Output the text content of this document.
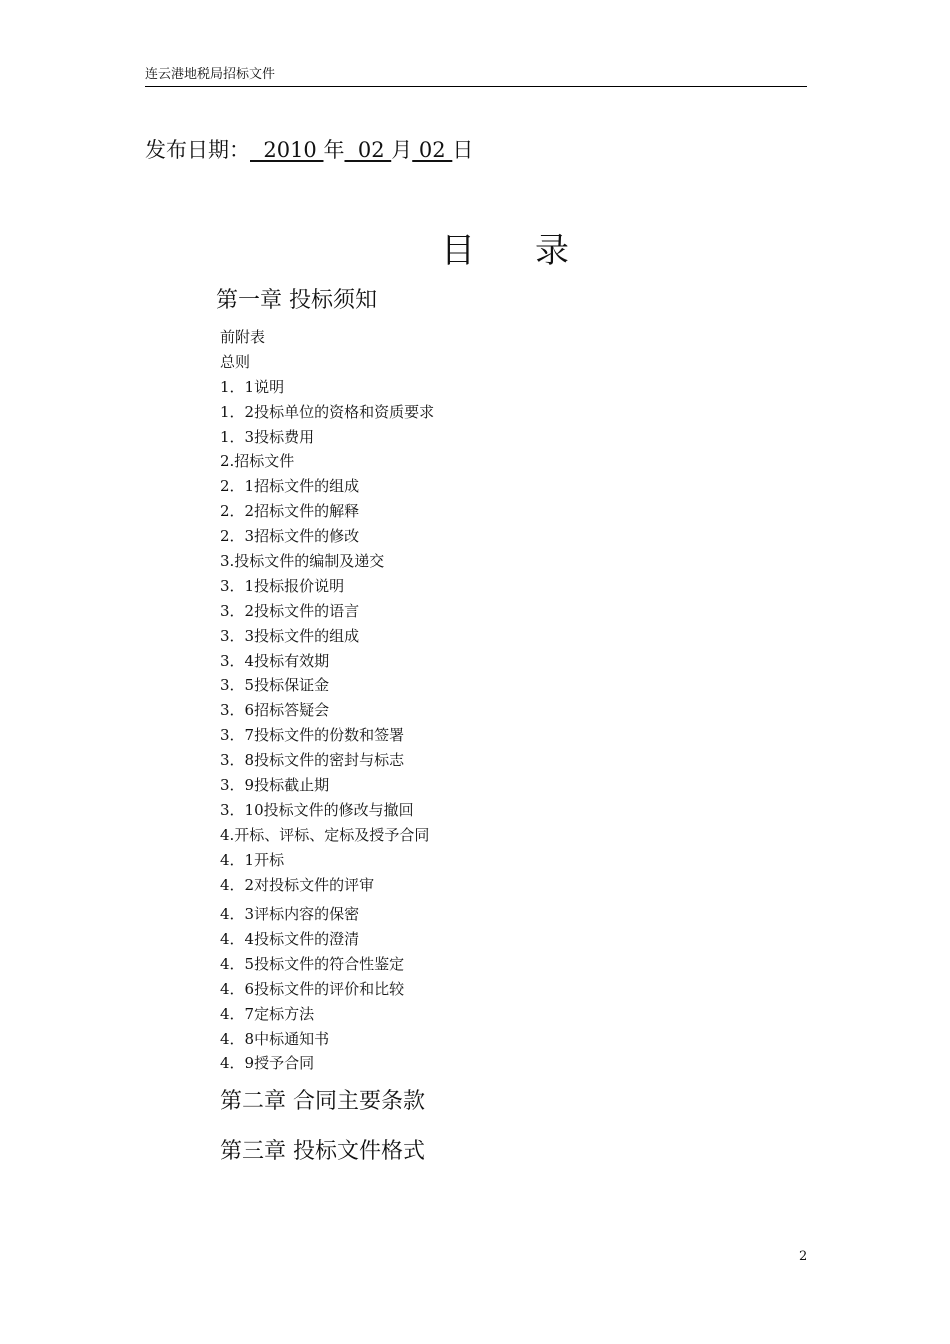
连云港地税局招标文件
发布日期：  2010 年  02 月 02 日
目 录
第一章 投标须知
前附表
总则
1．1说明
1．2投标单位的资格和资质要求
1．3投标费用
2.招标文件
2．1招标文件的组成
2．2招标文件的解释
2．3招标文件的修改
3.投标文件的编制及递交
3．1投标报价说明
3．2投标文件的语言
3．3投标文件的组成
3．4投标有效期
3．5投标保证金
3．6招标答疑会
3．7投标文件的份数和签署
3．8投标文件的密封与标志
3．9投标截止期
3．10投标文件的修改与撤回
4.开标、评标、定标及授予合同
4．1开标
4．2对投标文件的评审
4．3评标内容的保密
4．4投标文件的澄清
4．5投标文件的符合性鉴定
4．6投标文件的评价和比较
4．7定标方法
4．8中标通知书
4．9授予合同
第二章 合同主要条款
第三章 投标文件格式
2
